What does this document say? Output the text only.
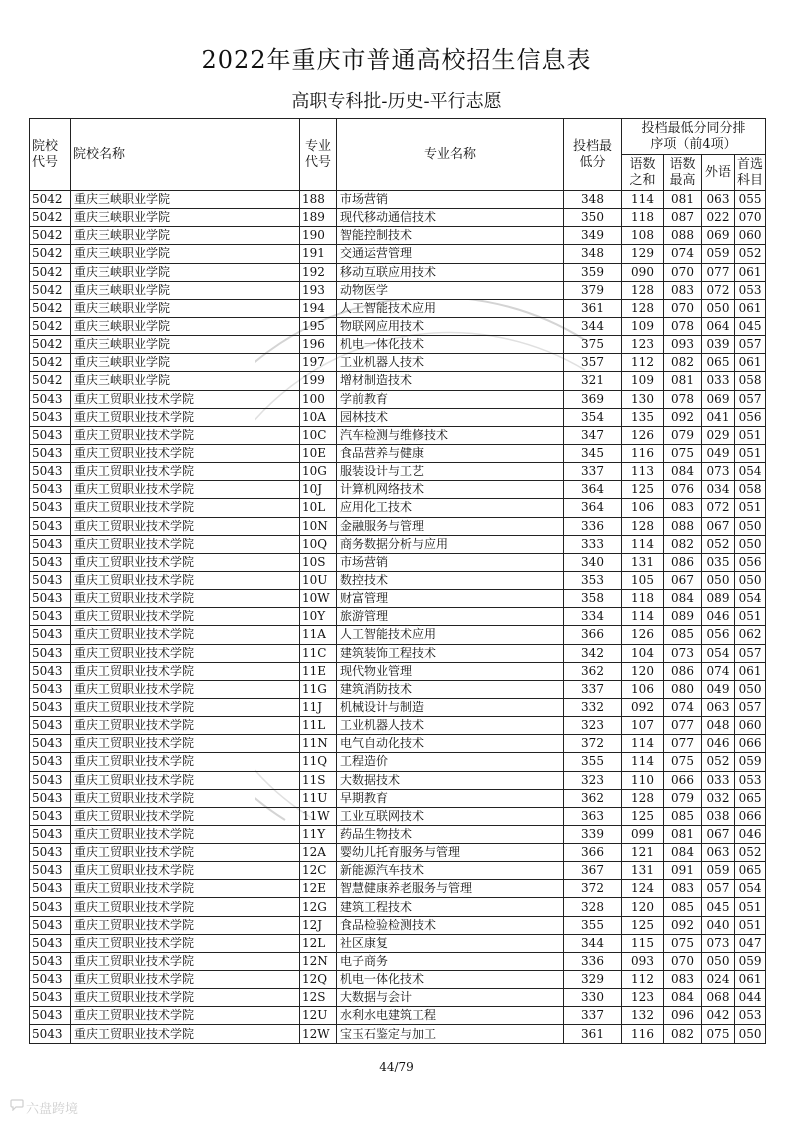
2022年重庆市普通高校招生信息表
高职专科批-历史-平行志愿
院校代号	院校名称	专业代号	专业名称	投档最低分	投档最低分同分排序项（前4项）			
					语数之和	语数最高	外语	首选科目
5042	重庆三峡职业学院	188	市场营销	348	114	081	063	055
5042	重庆三峡职业学院	189	现代移动通信技术	350	118	087	022	070
5042	重庆三峡职业学院	190	智能控制技术	349	108	088	069	060
5042	重庆三峡职业学院	191	交通运营管理	348	129	074	059	052
5042	重庆三峡职业学院	192	移动互联应用技术	359	090	070	077	061
5042	重庆三峡职业学院	193	动物医学	379	128	083	072	053
5042	重庆三峡职业学院	194	人工智能技术应用	361	128	070	050	061
5042	重庆三峡职业学院	195	物联网应用技术	344	109	078	064	045
5042	重庆三峡职业学院	196	机电一体化技术	375	123	093	039	057
5042	重庆三峡职业学院	197	工业机器人技术	357	112	082	065	061
5042	重庆三峡职业学院	199	增材制造技术	321	109	081	033	058
5043	重庆工贸职业技术学院	100	学前教育	369	130	078	069	057
5043	重庆工贸职业技术学院	10A	园林技术	354	135	092	041	056
5043	重庆工贸职业技术学院	10C	汽车检测与维修技术	347	126	079	029	051
5043	重庆工贸职业技术学院	10E	食品营养与健康	345	116	075	049	051
5043	重庆工贸职业技术学院	10G	服装设计与工艺	337	113	084	073	054
5043	重庆工贸职业技术学院	10J	计算机网络技术	364	125	076	034	058
5043	重庆工贸职业技术学院	10L	应用化工技术	364	106	083	072	051
5043	重庆工贸职业技术学院	10N	金融服务与管理	336	128	088	067	050
5043	重庆工贸职业技术学院	10Q	商务数据分析与应用	333	114	082	052	050
5043	重庆工贸职业技术学院	10S	市场营销	340	131	086	035	056
5043	重庆工贸职业技术学院	10U	数控技术	353	105	067	050	050
5043	重庆工贸职业技术学院	10W	财富管理	358	118	084	089	054
5043	重庆工贸职业技术学院	10Y	旅游管理	334	114	089	046	051
5043	重庆工贸职业技术学院	11A	人工智能技术应用	366	126	085	056	062
5043	重庆工贸职业技术学院	11C	建筑装饰工程技术	342	104	073	054	057
5043	重庆工贸职业技术学院	11E	现代物业管理	362	120	086	074	061
5043	重庆工贸职业技术学院	11G	建筑消防技术	337	106	080	049	050
5043	重庆工贸职业技术学院	11J	机械设计与制造	332	092	074	063	057
5043	重庆工贸职业技术学院	11L	工业机器人技术	323	107	077	048	060
5043	重庆工贸职业技术学院	11N	电气自动化技术	372	114	077	046	066
5043	重庆工贸职业技术学院	11Q	工程造价	355	114	075	052	059
5043	重庆工贸职业技术学院	11S	大数据技术	323	110	066	033	053
5043	重庆工贸职业技术学院	11U	早期教育	362	128	079	032	065
5043	重庆工贸职业技术学院	11W	工业互联网技术	363	125	085	038	066
5043	重庆工贸职业技术学院	11Y	药品生物技术	339	099	081	067	046
5043	重庆工贸职业技术学院	12A	婴幼儿托育服务与管理	366	121	084	063	052
5043	重庆工贸职业技术学院	12C	新能源汽车技术	367	131	091	059	065
5043	重庆工贸职业技术学院	12E	智慧健康养老服务与管理	372	124	083	057	054
5043	重庆工贸职业技术学院	12G	建筑工程技术	328	120	085	045	051
5043	重庆工贸职业技术学院	12J	食品检验检测技术	355	125	092	040	051
5043	重庆工贸职业技术学院	12L	社区康复	344	115	075	073	047
5043	重庆工贸职业技术学院	12N	电子商务	336	093	070	050	059
5043	重庆工贸职业技术学院	12Q	机电一体化技术	329	112	083	024	061
5043	重庆工贸职业技术学院	12S	大数据与会计	330	123	084	068	044
5043	重庆工贸职业技术学院	12U	水利水电建筑工程	337	132	096	042	053
5043	重庆工贸职业技术学院	12W	宝玉石鉴定与加工	361	116	082	075	050
44/79
六盘跨境
